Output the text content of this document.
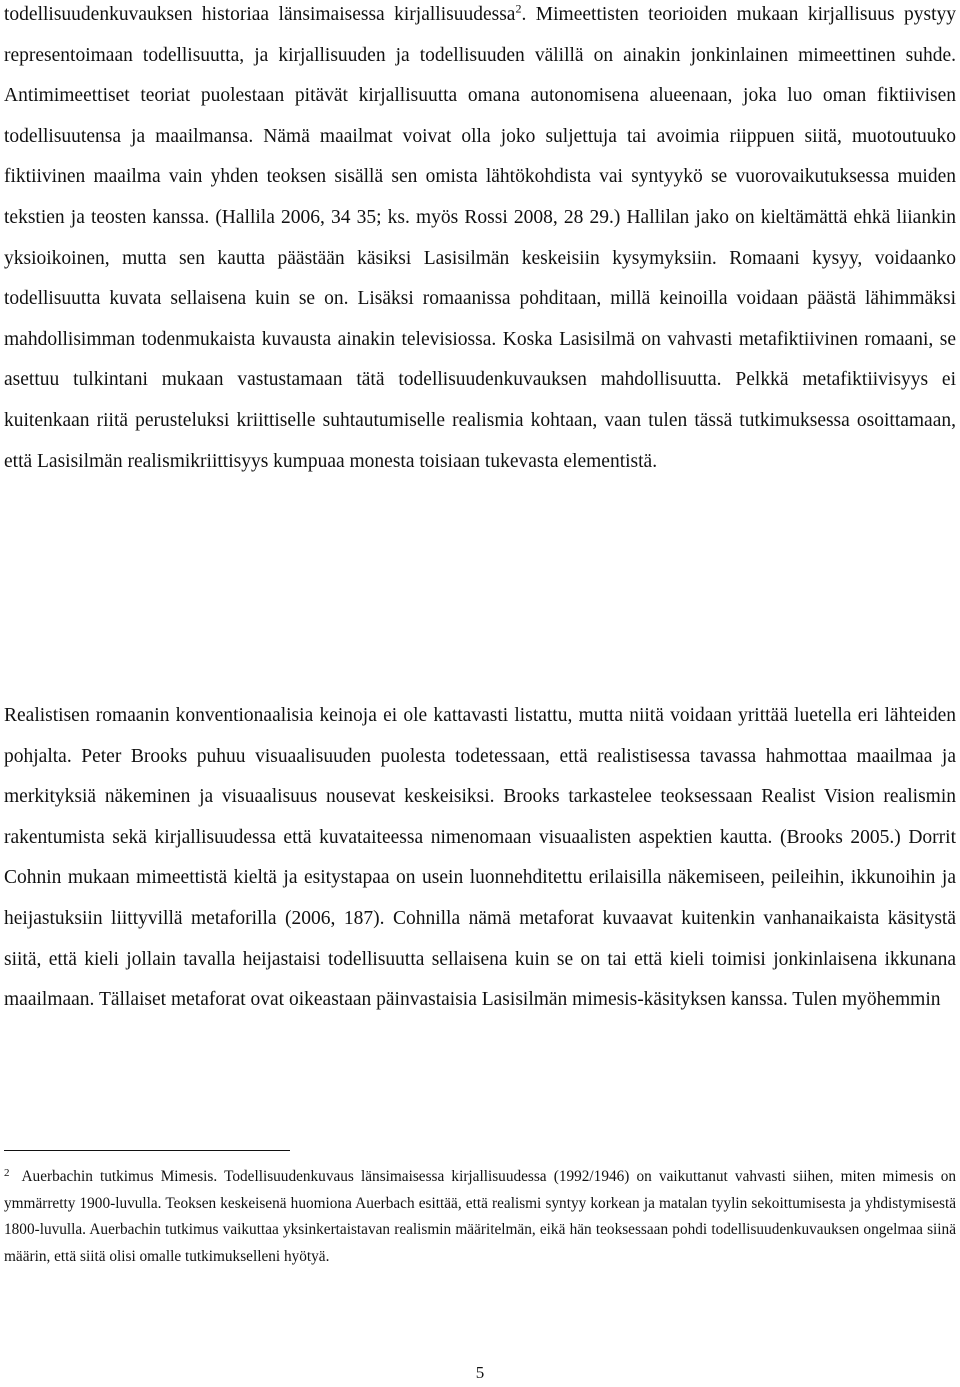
todellisuudenkuvauksen historiaa länsimaisessa kirjallisuudessa$^2$. Mimeettisten teorioiden mukaan kirjallisuus pystyy representoimaan todellisuutta, ja kirjallisuuden ja todellisuuden välillä on ainakin jonkinlainen mimeettinen suhde. Antimimeettiset teoriat puolestaan pitävät kirjallisuutta omana autonomisena alueenaan, joka luo oman fiktiivisen todellisuutensa ja maailmansa. Nämä maailmat voivat olla joko suljettuja tai avoimia riippuen siitä, muotoutuuko fiktiivinen maailma vain yhden teoksen sisällä sen omista lähtökohdista vai syntyykö se vuorovaikutuksessa muiden tekstien ja teosten kanssa. (Hallila 2006, 34 35; ks. myös Rossi 2008, 28 29.) Hallilan jako on kieltämättä ehkä liiankin yksioikoinen, mutta sen kautta päästään käsiksi Lasisilmän keskeisiin kysymyksiin. Romaani kysyy, voidaanko todellisuutta kuvata sellaisena kuin se on. Lisäksi romaanissa pohditaan, millä keinoilla voidaan päästä lähimmäksi mahdollisimman todenmukaista kuvausta ainakin televisiossa. Koska Lasisilmä on vahvasti metafiktiivinen romaani, se asettuu tulkintani mukaan vastustamaan tätä todellisuudenkuvauksen mahdollisuutta. Pelkkä metafiktiivisyys ei kuitenkaan riitä perusteluksi kriittiselle suhtautumiselle realismia kohtaan, vaan tulen tässä tutkimuksessa osoittamaan, että Lasisilmän realismikriittisyys kumpuaa monesta toisiaan tukevasta elementistä.

Realistisen romaanin konventionaalisia keinoja ei ole kattavasti listattu, mutta niitä voidaan yrittää luetella eri lähteiden pohjalta. Peter Brooks puhuu visuaalisuuden puolesta todetessaan, että realistisessa tavassa hahmottaa maailmaa ja merkityksiä näkeminen ja visuaalisuus nousevat keskeisiksi. Brooks tarkastelee teoksessaan Realist Vision realismin rakentumista sekä kirjallisuudessa että kuvataiteessa nimenomaan visuaalisten aspektien kautta. (Brooks 2005.) Dorrit Cohnin mukaan mimeettistä kieltä ja esitystapaa on usein luonnehditettu erilaisilla näkemiseen, peileihin, ikkunoihin ja heijastuksiin liittyvillä metaforilla (2006, 187). Cohnilla nämä metaforat kuvaavat kuitenkin vanhanaikaista käsitystä siitä, että kieli jollain tavalla heijastaisi todellisuutta sellaisena kuin se on tai että kieli toimisi jonkinlaisena ikkunana maailmaan. Tällaiset metaforat ovat oikeastaan päinvastaisia Lasisilmän mimesis-käsityksen kanssa. Tulen myöhemmin

$^2$ Auerbachin tutkimus Mimesis. Todellisuudenkuvaus länsimaisessa kirjallisuudessa (1992/1946) on vaikuttanut vahvasti siihen, miten mimesis on ymmärretty 1900-luvulla. Teoksen keskeisenä huomiona Auerbach esittää, että realismi syntyy korkean ja matalan tyylin sekoittumisesta ja yhdistymisestä 1800-luvulla. Auerbachin tutkimus vaikuttaa yksinkertaistavan realismin määritelmän, eikä hän teoksessaan pohdi todellisuudenkuvauksen ongelmaa siinä määrin, että siitä olisi omalle tutkimukselleni hyötyä.

5
